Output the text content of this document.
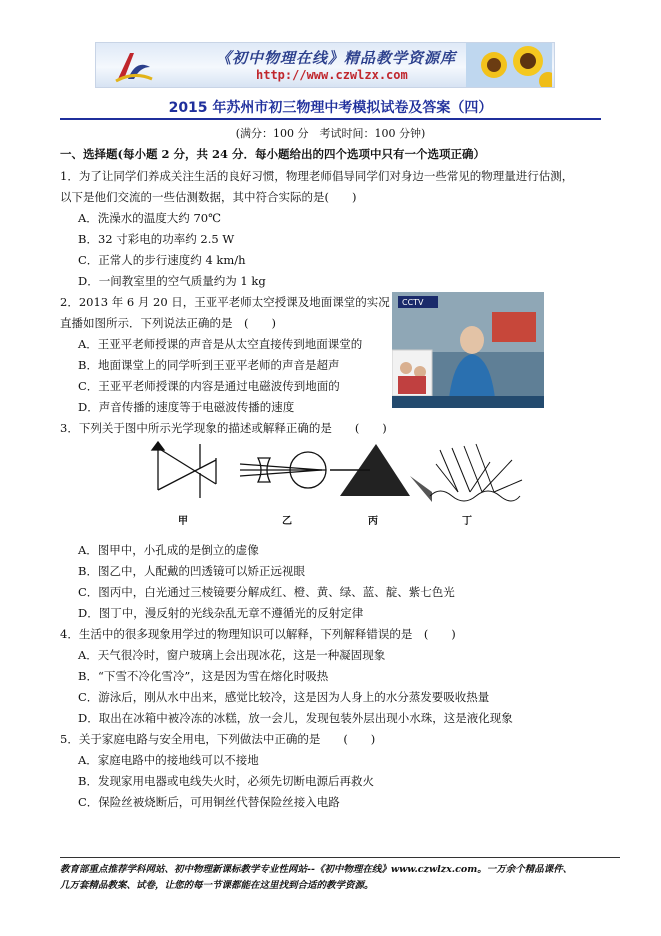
《初中物理在线》精品教学资源库
http://www.czwlzx.com
2015 年苏州市初三物理中考模拟试卷及答案（四）
(满分：100 分　考试时间：100 分钟)
一、选择题(每小题 2 分，共 24 分．每小题给出的四个选项中只有一个选项正确）
1．为了让同学们养成关注生活的良好习惯，物理老师倡导同学们对身边一些常见的物理量进行估测，
以下是他们交流的一些估测数据，其中符合实际的是(　　)
A．洗澡水的温度大约 70℃
B．32 寸彩电的功率约 2.5 W
C．正常人的步行速度约 4 km/h
D．一间教室里的空气质量约为 1 kg
2．2013 年 6 月 20 日，王亚平老师太空授课及地面课堂的实况
直播如图所示．下列说法正确的是　(　　)
A．王亚平老师授课的声音是从太空直接传到地面课堂的
B．地面课堂上的同学听到王亚平老师的声音是超声
C．王亚平老师授课的内容是通过电磁波传到地面的
D．声音传播的速度等于电磁波传播的速度
CCTV
3．下列关于图中所示光学现象的描述或解释正确的是　　(　　)
甲	乙	丙	丁
A．图甲中，小孔成的是倒立的虚像
B．图乙中，人配戴的凹透镜可以矫正远视眼
C．图丙中，白光通过三棱镜要分解成红、橙、黄、绿、蓝、靛、紫七色光
D．图丁中，漫反射的光线杂乱无章不遵循光的反射定律
4．生活中的很多现象用学过的物理知识可以解释，下列解释错误的是　(　　)
A．天气很冷时，窗户玻璃上会出现冰花，这是一种凝固现象
B．“下雪不冷化雪冷”，这是因为雪在熔化时吸热
C．游泳后，刚从水中出来，感觉比较冷，这是因为人身上的水分蒸发要吸收热量
D．取出在冰箱中被冷冻的冰糕，放一会儿，发现包装外层出现小水珠，这是液化现象
5．关于家庭电路与安全用电，下列做法中正确的是　　(　　)
A．家庭电路中的接地线可以不接地
B．发现家用电器或电线失火时，必须先切断电源后再救火
C．保险丝被烧断后，可用铜丝代替保险丝接入电路
教育部重点推荐学科网站、初中物理新课标教学专业性网站--《初中物理在线》www.czwlzx.com。一万余个精品课件、
几万套精品教案、试卷，让您的每一节课都能在这里找到合适的教学资源。
